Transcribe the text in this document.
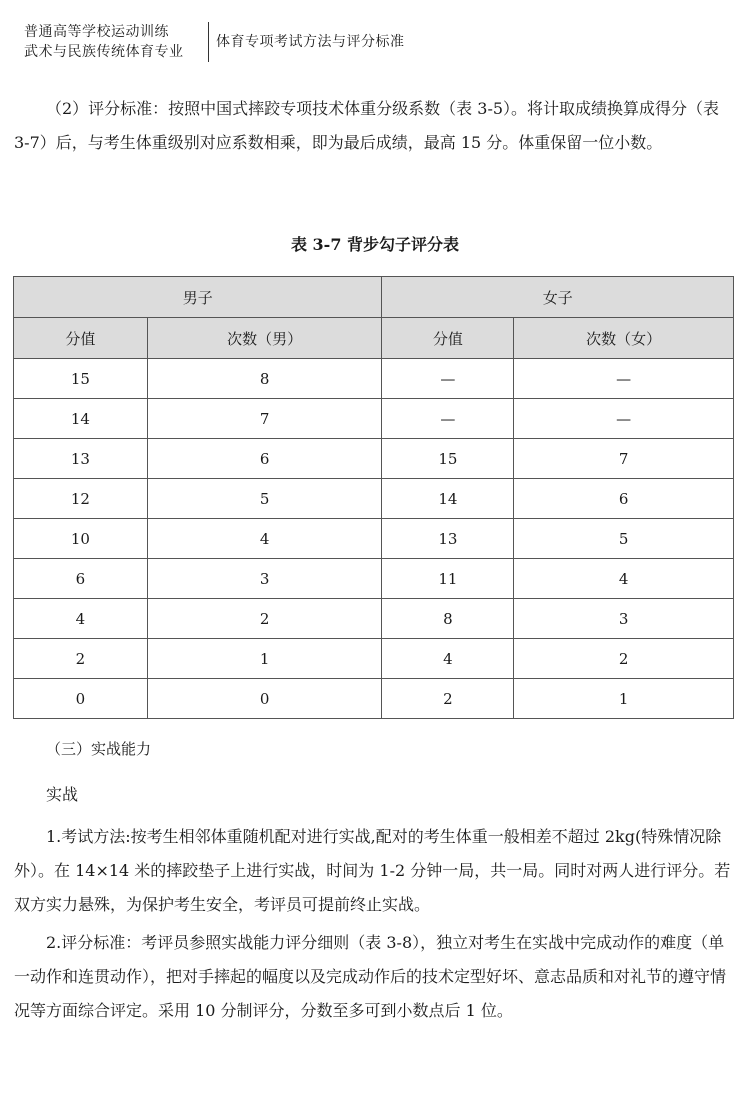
普通高等学校运动训练
武术与民族传统体育专业
体育专项考试方法与评分标准

（2）评分标准：按照中国式摔跤专项技术体重分级系数（表 3-5）。将计取成绩换算成得分（表 3-7）后，与考生体重级别对应系数相乘，即为最后成绩，最高 15 分。体重保留一位小数。

表 3-7 背步勾子评分表
男子		女子	
分值	次数（男）	分值	次数（女）
15	8	—	—
14	7	—	—
13	6	15	7
12	5	14	6
10	4	13	5
6	3	11	4
4	2	8	3
2	1	4	2
0	0	2	1
（三）实战能力
实战

1.考试方法:按考生相邻体重随机配对进行实战,配对的考生体重一般相差不超过 2kg(特殊情况除外）。在 14×14 米的摔跤垫子上进行实战，时间为 1-2 分钟一局，共一局。同时对两人进行评分。若双方实力悬殊，为保护考生安全，考评员可提前终止实战。

2.评分标准：考评员参照实战能力评分细则（表 3-8），独立对考生在实战中完成动作的难度（单一动作和连贯动作），把对手摔起的幅度以及完成动作后的技术定型好坏、意志品质和对礼节的遵守情况等方面综合评定。采用 10 分制评分，分数至多可到小数点后 1 位。
